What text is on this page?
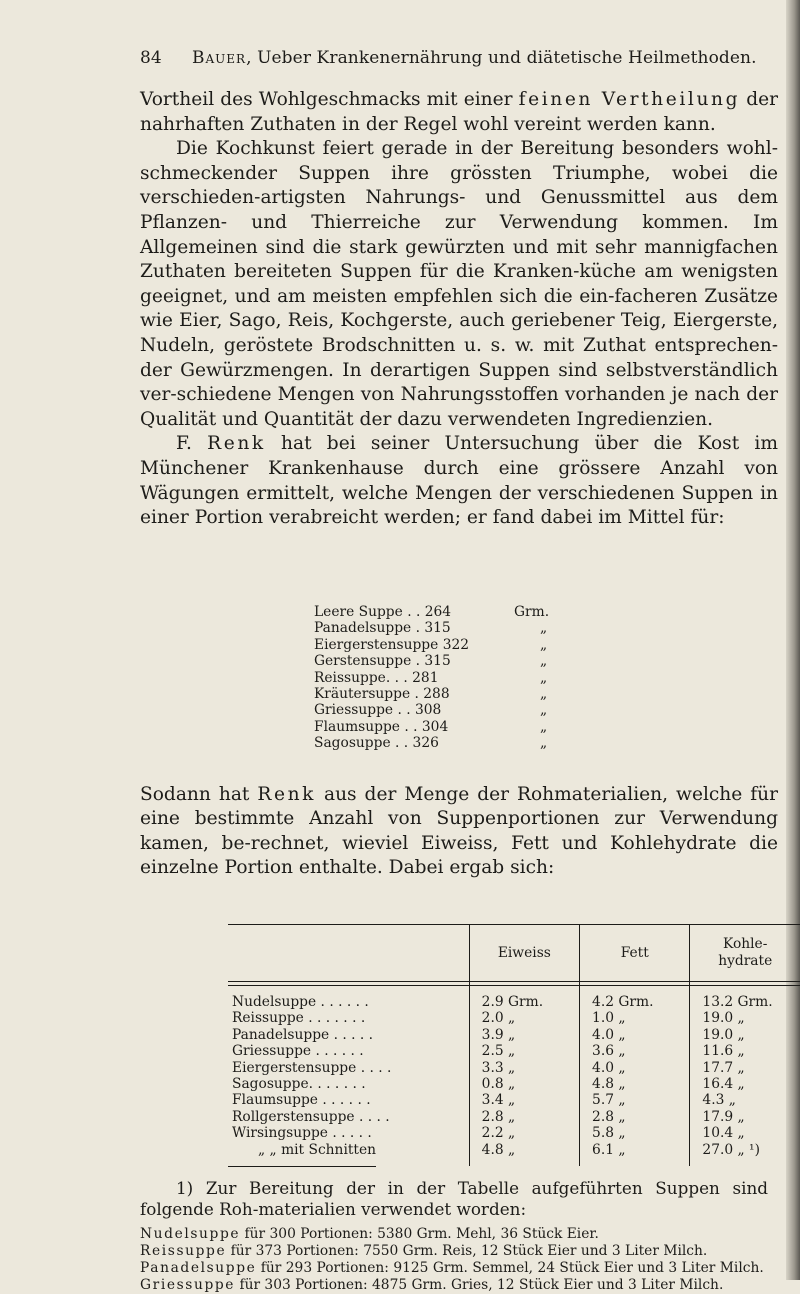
84 Bauer, Ueber Krankenernährung und diätetische Heilmethoden.

Vortheil des Wohlgeschmacks mit einer feinen Vertheilung der nahrhaften Zuthaten in der Regel wohl vereint werden kann.

Die Kochkunst feiert gerade in der Bereitung besonders wohl-schmeckender Suppen ihre grössten Triumphe, wobei die verschieden-artigsten Nahrungs- und Genussmittel aus dem Pflanzen- und Thierreiche zur Verwendung kommen. Im Allgemeinen sind die stark gewürzten und mit sehr mannigfachen Zuthaten bereiteten Suppen für die Kranken-küche am wenigsten geeignet, und am meisten empfehlen sich die ein-facheren Zusätze wie Eier, Sago, Reis, Kochgerste, auch geriebener Teig, Eiergerste, Nudeln, geröstete Brodschnitten u. s. w. mit Zuthat entsprechen-der Gewürzmengen. In derartigen Suppen sind selbstverständlich ver-schiedene Mengen von Nahrungsstoffen vorhanden je nach der Qualität und Quantität der dazu verwendeten Ingredienzien.

F. Renk hat bei seiner Untersuchung über die Kost im Münchener Krankenhause durch eine grössere Anzahl von Wägungen ermittelt, welche Mengen der verschiedenen Suppen in einer Portion verabreicht werden; er fand dabei im Mittel für:

Leere Suppe . . 264	Grm.
Panadelsuppe . 315	„
Eiergerstensuppe 322	„
Gerstensuppe . 315	„
Reissuppe. . . 281	„
Kräutersuppe . 288	„
Griessuppe . . 308	„
Flaumsuppe . . 304	„
Sagosuppe . . 326	„

Sodann hat Renk aus der Menge der Rohmaterialien, welche für eine bestimmte Anzahl von Suppenportionen zur Verwendung kamen, be-rechnet, wieviel Eiweiss, Fett und Kohlehydrate die einzelne Portion enthalte. Dabei ergab sich:

	Eiweiss	Fett	Kohle-
hydrate

Nudelsuppe . . . . . .	2.9 Grm.	4.2 Grm.	13.2 Grm.
Reissuppe . . . . . . .	2.0 „	1.0 „	19.0 „
Panadelsuppe . . . . .	3.9 „	4.0 „	19.0 „
Griessuppe . . . . . .	2.5 „	3.6 „	11.6 „
Eiergerstensuppe . . . .	3.3 „	4.0 „	17.7 „
Sagosuppe. . . . . . .	0.8 „	4.8 „	16.4 „
Flaumsuppe . . . . . .	3.4 „	5.7 „	4.3 „
Rollgerstensuppe . . . .	2.8 „	2.8 „	17.9 „
Wirsingsuppe . . . . .	2.2 „	5.8 „	10.4 „
„ „ mit Schnitten	4.8 „	6.1 „	27.0 „ ¹)

1) Zur Bereitung der in der Tabelle aufgeführten Suppen sind folgende Roh-materialien verwendet worden:

Nudelsuppe für 300 Portionen: 5380 Grm. Mehl, 36 Stück Eier.

Reissuppe für 373 Portionen: 7550 Grm. Reis, 12 Stück Eier und 3 Liter Milch.

Panadelsuppe für 293 Portionen: 9125 Grm. Semmel, 24 Stück Eier und 3 Liter Milch.

Griessuppe für 303 Portionen: 4875 Grm. Gries, 12 Stück Eier und 3 Liter Milch.
